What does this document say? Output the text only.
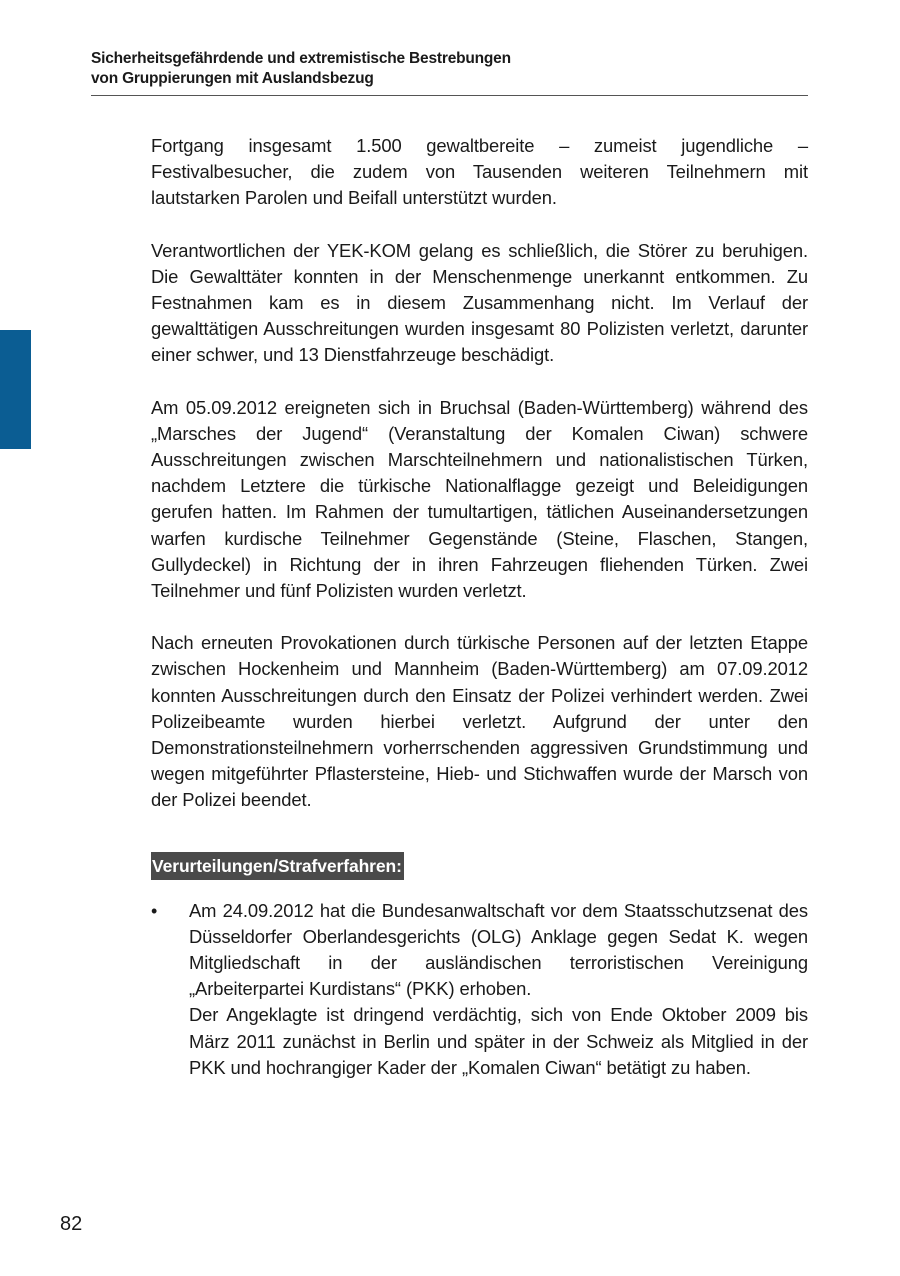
Sicherheitsgefährdende und extremistische Bestrebungen
von Gruppierungen mit Auslandsbezug

Fortgang insgesamt 1.500 gewaltbereite – zumeist jugendliche – Festivalbesucher, die zudem von Tausenden weiteren Teilnehmern mit lautstarken Parolen und Beifall unterstützt wurden.

Verantwortlichen der YEK-KOM gelang es schließlich, die Störer zu beruhigen. Die Gewalttäter konnten in der Menschenmenge unerkannt entkommen. Zu Festnahmen kam es in diesem Zusammenhang nicht. Im Verlauf der gewalttätigen Ausschreitungen wurden insgesamt 80 Polizisten verletzt, darunter einer schwer, und 13 Dienstfahrzeuge beschädigt.

Am 05.09.2012 ereigneten sich in Bruchsal (Baden-Württemberg) während des „Marsches der Jugend“ (Veranstaltung der Komalen Ciwan) schwere Ausschreitungen zwischen Marschteilnehmern und nationalistischen Türken, nachdem Letztere die türkische Nationalflagge gezeigt und Beleidigungen gerufen hatten. Im Rahmen der tumultartigen, tätlichen Auseinandersetzungen warfen kurdische Teilnehmer Gegenstände (Steine, Flaschen, Stangen, Gullydeckel) in Richtung der in ihren Fahrzeugen fliehenden Türken. Zwei Teilnehmer und fünf Polizisten wurden verletzt.

Nach erneuten Provokationen durch türkische Personen auf der letzten Etappe zwischen Hockenheim und Mannheim (Baden-Württemberg) am 07.09.2012 konnten Ausschreitungen durch den Einsatz der Polizei verhindert werden. Zwei Polizeibeamte wurden hierbei verletzt. Aufgrund der unter den Demonstrationsteilnehmern vorherrschenden aggressiven Grundstimmung und wegen mitgeführter Pflastersteine, Hieb- und Stichwaffen wurde der Marsch von der Polizei beendet.

Verurteilungen/Strafverfahren:
• Am 24.09.2012 hat die Bundesanwaltschaft vor dem Staatsschutzsenat des Düsseldorfer Oberlandesgerichts (OLG) Anklage gegen Sedat K. wegen Mitgliedschaft in der ausländischen terroristischen Vereinigung „Arbeiterpartei Kurdistans“ (PKK) erhoben.

Der Angeklagte ist dringend verdächtig, sich von Ende Oktober 2009 bis März 2011 zunächst in Berlin und später in der Schweiz als Mitglied in der PKK und hochrangiger Kader der „Komalen Ciwan“ betätigt zu haben.

82
